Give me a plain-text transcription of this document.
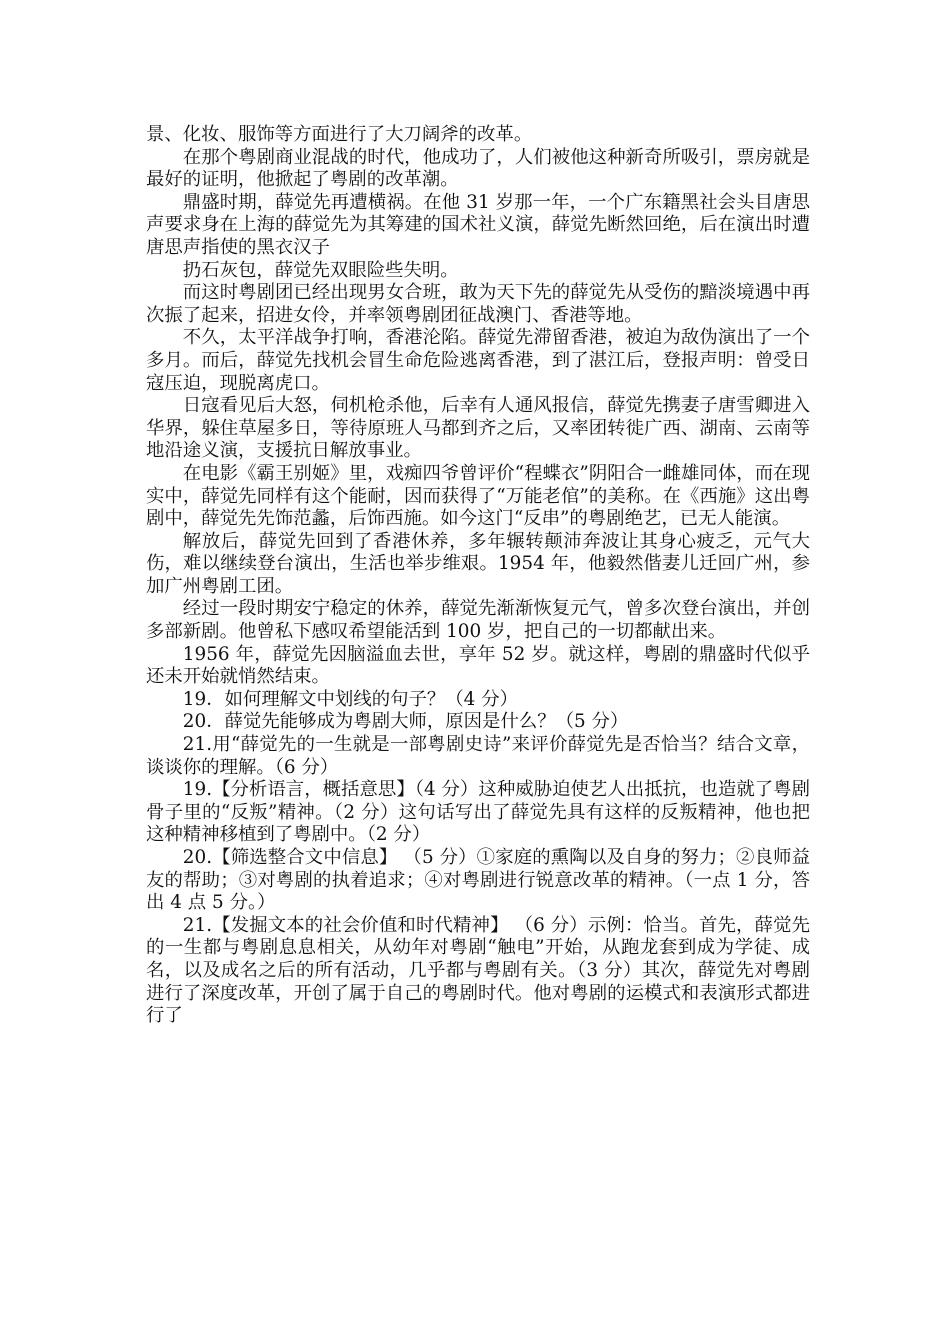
景、化妆、服饰等方面进行了大刀阔斧的改革。

在那个粤剧商业混战的时代，他成功了，人们被他这种新奇所吸引，票房就是最好的证明，他掀起了粤剧的改革潮。

鼎盛时期，薛觉先再遭横祸。在他 31 岁那一年，一个广东籍黑社会头目唐思声要求身在上海的薛觉先为其筹建的国术社义演，薛觉先断然回绝，后在演出时遭唐思声指使的黑衣汉子

扔石灰包，薛觉先双眼险些失明。

而这时粤剧团已经出现男女合班，敢为天下先的薛觉先从受伤的黯淡境遇中再次振了起来，招进女伶，并率领粤剧团征战澳门、香港等地。

不久，太平洋战争打响，香港沦陷。薛觉先滞留香港，被迫为敌伪演出了一个多月。而后，薛觉先找机会冒生命危险逃离香港，到了湛江后，登报声明：曾受日寇压迫，现脱离虎口。

日寇看见后大怒，伺机枪杀他，后幸有人通风报信，薛觉先携妻子唐雪卿进入华界，躲住草屋多日，等待原班人马都到齐之后，又率团转徙广西、湖南、云南等地沿途义演，支援抗日解放事业。

在电影《霸王别姬》里，戏痴四爷曾评价“程蝶衣”阴阳合一雌雄同体，而在现实中，薛觉先同样有这个能耐，因而获得了“万能老倌”的美称。在《西施》这出粤剧中，薛觉先先饰范蠡，后饰西施。如今这门“反串”的粤剧绝艺，已无人能演。

解放后，薛觉先回到了香港休养，多年辗转颠沛奔波让其身心疲乏，元气大伤，难以继续登台演出，生活也举步维艰。1954 年，他毅然偕妻儿迁回广州，参加广州粤剧工团。

经过一段时期安宁稳定的休养，薛觉先渐渐恢复元气，曾多次登台演出，并创多部新剧。他曾私下感叹希望能活到 100 岁，把自己的一切都献出来。

1956 年，薛觉先因脑溢血去世，享年 52 岁。就这样，粤剧的鼎盛时代似乎还未开始就悄然结束。

19．如何理解文中划线的句子？（4 分）

20．薛觉先能够成为粤剧大师，原因是什么？（5 分）

21.用“薛觉先的一生就是一部粤剧史诗”来评价薛觉先是否恰当？结合文章，谈谈你的理解。（6 分）

19.【分析语言，概括意思】（4 分）这种威胁迫使艺人出抵抗，也造就了粤剧骨子里的“反叛”精神。（2 分）这句话写出了薛觉先具有这样的反叛精神，他也把这种精神移植到了粤剧中。（2 分）

20.【筛选整合文中信息】 （5 分）①家庭的熏陶以及自身的努力；②良师益友的帮助；③对粤剧的执着追求；④对粤剧进行锐意改革的精神。（一点 1 分，答出 4 点 5 分。）

21.【发掘文本的社会价值和时代精神】 （6 分）示例：恰当。首先，薛觉先的一生都与粤剧息息相关，从幼年对粤剧“触电”开始，从跑龙套到成为学徒、成名，以及成名之后的所有活动，几乎都与粤剧有关。（3 分）其次，薛觉先对粤剧进行了深度改革，开创了属于自己的粤剧时代。他对粤剧的运模式和表演形式都进行了
